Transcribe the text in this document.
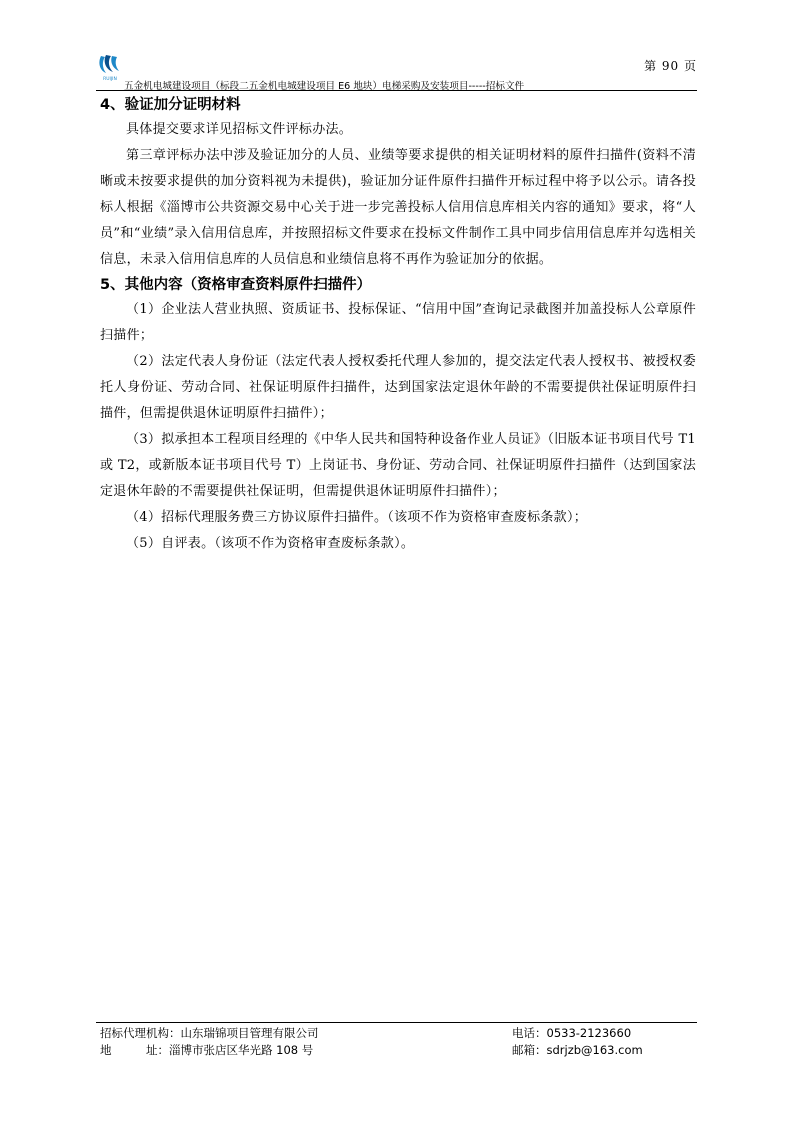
RUIJIN
第 90 页
五金机电城建设项目（标段二五金机电城建设项目 E6 地块）电梯采购及安装项目-----招标文件
4、验证加分证明材料

具体提交要求详见招标文件评标办法。

第三章评标办法中涉及验证加分的人员、业绩等要求提供的相关证明材料的原件扫描件(资料不清晰或未按要求提供的加分资料视为未提供)，验证加分证件原件扫描件开标过程中将予以公示。请各投标人根据《淄博市公共资源交易中心关于进一步完善投标人信用信息库相关内容的通知》要求，将“人员”和“业绩”录入信用信息库，并按照招标文件要求在投标文件制作工具中同步信用信息库并勾选相关信息，未录入信用信息库的人员信息和业绩信息将不再作为验证加分的依据。

5、其他内容（资格审查资料原件扫描件）

（1）企业法人营业执照、资质证书、投标保证、“信用中国”查询记录截图并加盖投标人公章原件扫描件；

（2）法定代表人身份证（法定代表人授权委托代理人参加的，提交法定代表人授权书、被授权委托人身份证、劳动合同、社保证明原件扫描件，达到国家法定退休年龄的不需要提供社保证明原件扫描件，但需提供退休证明原件扫描件）；

（3）拟承担本工程项目经理的《中华人民共和国特种设备作业人员证》（旧版本证书项目代号 T1 或 T2，或新版本证书项目代号 T）上岗证书、身份证、劳动合同、社保证明原件扫描件（达到国家法定退休年龄的不需要提供社保证明，但需提供退休证明原件扫描件）；

（4）招标代理服务费三方协议原件扫描件。（该项不作为资格审查废标条款）；

（5）自评表。（该项不作为资格审查废标条款）。

招标代理机构：山东瑞锦项目管理有限公司	电话：0533-2123660
地　　　址：淄博市张店区华光路 108 号	邮箱：sdrjzb@163.com
